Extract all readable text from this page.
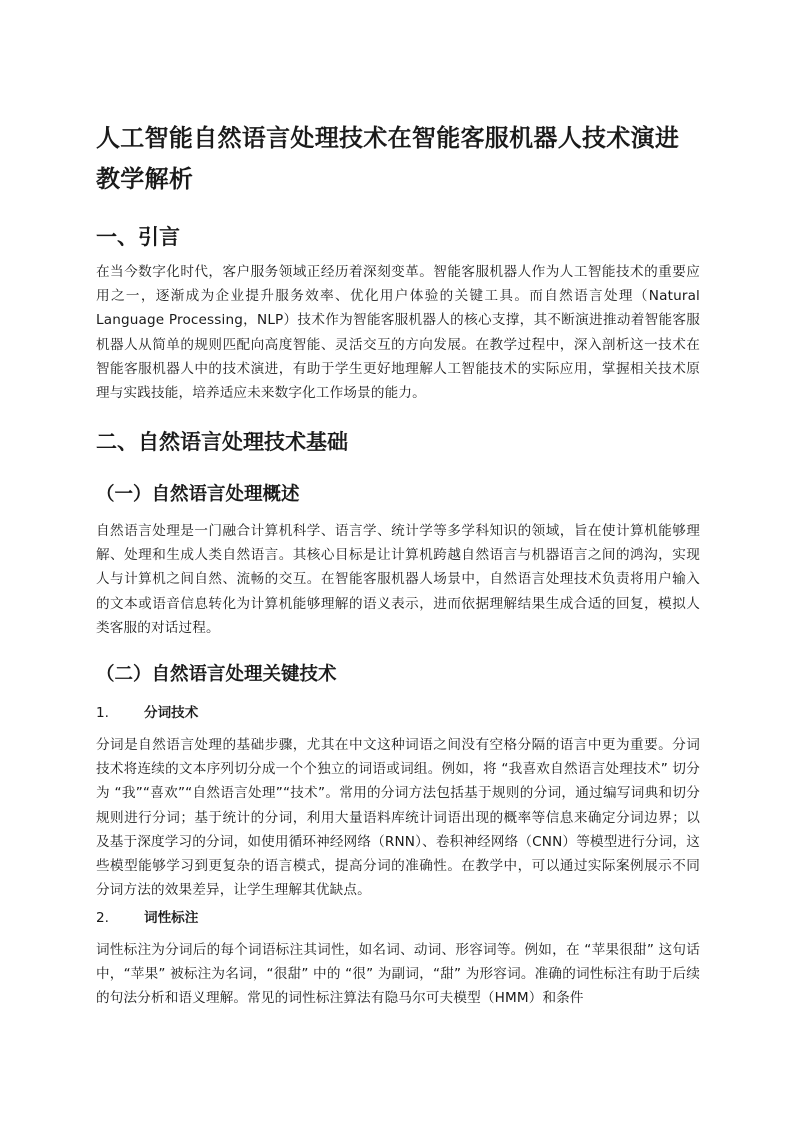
人工智能自然语言处理技术在智能客服机器人技术演进教学解析
一、引言

在当今数字化时代，客户服务领域正经历着深刻变革。智能客服机器人作为人工智能技术的重要应用之一，逐渐成为企业提升服务效率、优化用户体验的关键工具。而自然语言处理（Natural Language Processing，NLP）技术作为智能客服机器人的核心支撑，其不断演进推动着智能客服机器人从简单的规则匹配向高度智能、灵活交互的方向发展。在教学过程中，深入剖析这一技术在智能客服机器人中的技术演进，有助于学生更好地理解人工智能技术的实际应用，掌握相关技术原理与实践技能，培养适应未来数字化工作场景的能力。

二、自然语言处理技术基础
（一）自然语言处理概述

自然语言处理是一门融合计算机科学、语言学、统计学等多学科知识的领域，旨在使计算机能够理解、处理和生成人类自然语言。其核心目标是让计算机跨越自然语言与机器语言之间的鸿沟，实现人与计算机之间自然、流畅的交互。在智能客服机器人场景中，自然语言处理技术负责将用户输入的文本或语音信息转化为计算机能够理解的语义表示，进而依据理解结果生成合适的回复，模拟人类客服的对话过程。

（二）自然语言处理关键技术
1.	分词技术

分词是自然语言处理的基础步骤，尤其在中文这种词语之间没有空格分隔的语言中更为重要。分词技术将连续的文本序列切分成一个个独立的词语或词组。例如，将 “我喜欢自然语言处理技术” 切分为 “我”“喜欢”“自然语言处理”“技术”。常用的分词方法包括基于规则的分词，通过编写词典和切分规则进行分词；基于统计的分词，利用大量语料库统计词语出现的概率等信息来确定分词边界；以及基于深度学习的分词，如使用循环神经网络（RNN）、卷积神经网络（CNN）等模型进行分词，这些模型能够学习到更复杂的语言模式，提高分词的准确性。在教学中，可以通过实际案例展示不同分词方法的效果差异，让学生理解其优缺点。

2.	词性标注

词性标注为分词后的每个词语标注其词性，如名词、动词、形容词等。例如，在 “苹果很甜” 这句话中，“苹果” 被标注为名词，“很甜” 中的 “很” 为副词，“甜” 为形容词。准确的词性标注有助于后续的句法分析和语义理解。常见的词性标注算法有隐马尔可夫模型（HMM）和条件
